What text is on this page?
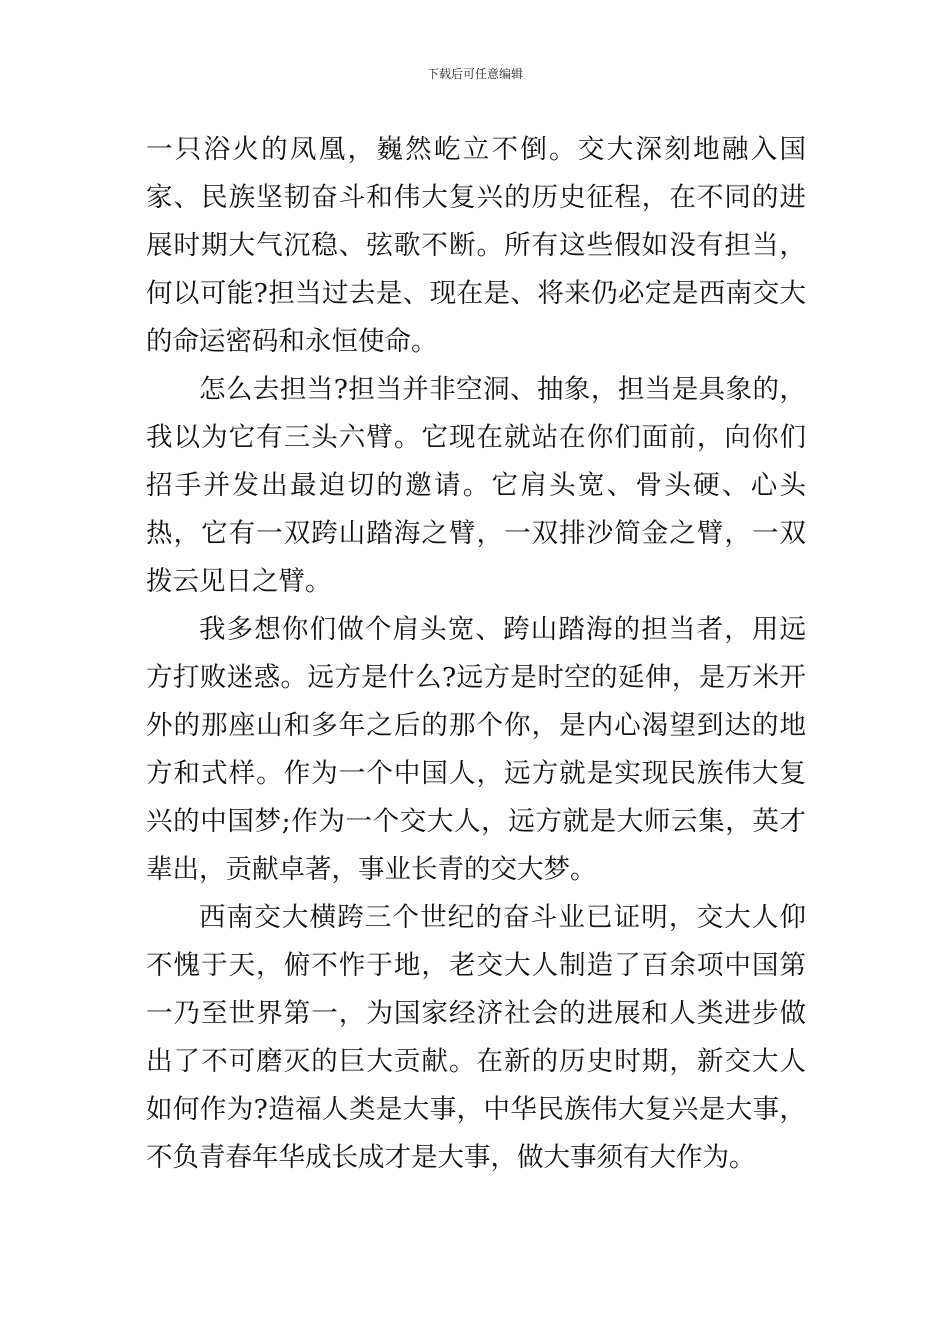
下载后可任意编辑

一只浴火的凤凰，巍然屹立不倒。交大深刻地融入国家、民族坚韧奋斗和伟大复兴的历史征程，在不同的进展时期大气沉稳、弦歌不断。所有这些假如没有担当，何以可能?担当过去是、现在是、将来仍必定是西南交大的命运密码和永恒使命。

怎么去担当?担当并非空洞、抽象，担当是具象的，我以为它有三头六臂。它现在就站在你们面前，向你们招手并发出最迫切的邀请。它肩头宽、骨头硬、心头热，它有一双跨山踏海之臂，一双排沙简金之臂，一双拨云见日之臂。

我多想你们做个肩头宽、跨山踏海的担当者，用远方打败迷惑。远方是什么?远方是时空的延伸，是万米开外的那座山和多年之后的那个你，是内心渴望到达的地方和式样。作为一个中国人，远方就是实现民族伟大复兴的中国梦;作为一个交大人，远方就是大师云集，英才辈出，贡献卓著，事业长青的交大梦。

西南交大横跨三个世纪的奋斗业已证明，交大人仰不愧于天，俯不怍于地，老交大人制造了百余项中国第一乃至世界第一，为国家经济社会的进展和人类进步做出了不可磨灭的巨大贡献。在新的历史时期，新交大人如何作为?造福人类是大事，中华民族伟大复兴是大事，不负青春年华成长成才是大事，做大事须有大作为。
